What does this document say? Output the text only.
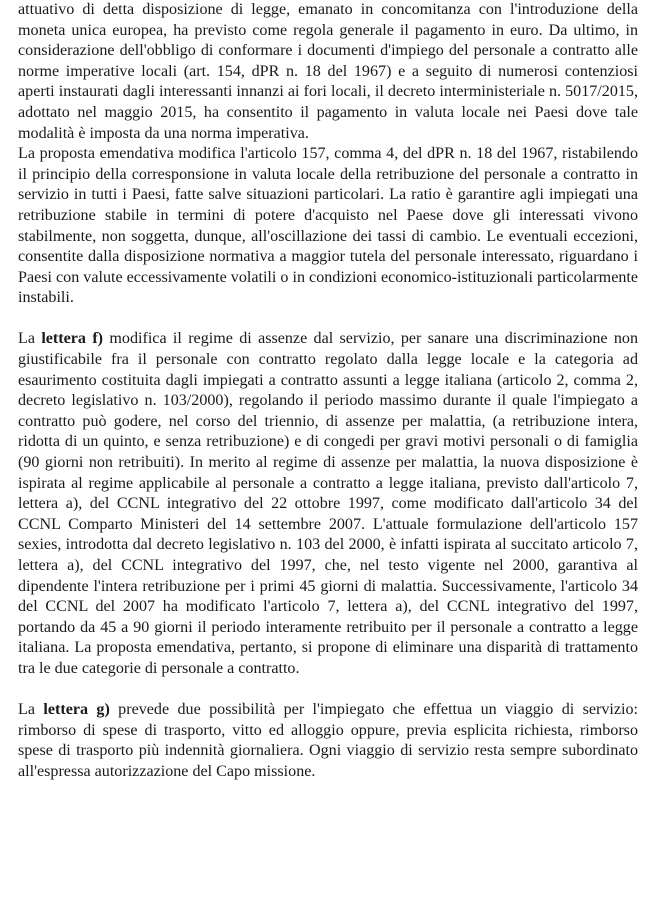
attuativo di detta disposizione di legge, emanato in concomitanza con l'introduzione della moneta unica europea, ha previsto come regola generale il pagamento in euro. Da ultimo, in considerazione dell'obbligo di conformare i documenti d'impiego del personale a contratto alle norme imperative locali (art. 154, dPR n. 18 del 1967) e a seguito di numerosi contenziosi aperti instaurati dagli interessanti innanzi ai fori locali, il decreto interministeriale n. 5017/2015, adottato nel maggio 2015, ha consentito il pagamento in valuta locale nei Paesi dove tale modalità è imposta da una norma imperativa.

La proposta emendativa modifica l'articolo 157, comma 4, del dPR n. 18 del 1967, ristabilendo il principio della corresponsione in valuta locale della retribuzione del personale a contratto in servizio in tutti i Paesi, fatte salve situazioni particolari. La ratio è garantire agli impiegati una retribuzione stabile in termini di potere d'acquisto nel Paese dove gli interessati vivono stabilmente, non soggetta, dunque, all'oscillazione dei tassi di cambio. Le eventuali eccezioni, consentite dalla disposizione normativa a maggior tutela del personale interessato, riguardano i Paesi con valute eccessivamente volatili o in condizioni economico-istituzionali particolarmente instabili.

La lettera f) modifica il regime di assenze dal servizio, per sanare una discriminazione non giustificabile fra il personale con contratto regolato dalla legge locale e la categoria ad esaurimento costituita dagli impiegati a contratto assunti a legge italiana (articolo 2, comma 2, decreto legislativo n. 103/2000), regolando il periodo massimo durante il quale l'impiegato a contratto può godere, nel corso del triennio, di assenze per malattia, (a retribuzione intera, ridotta di un quinto, e senza retribuzione) e di congedi per gravi motivi personali o di famiglia (90 giorni non retribuiti). In merito al regime di assenze per malattia, la nuova disposizione è ispirata al regime applicabile al personale a contratto a legge italiana, previsto dall'articolo 7, lettera a), del CCNL integrativo del 22 ottobre 1997, come modificato dall'articolo 34 del CCNL Comparto Ministeri del 14 settembre 2007. L'attuale formulazione dell'articolo 157 sexies, introdotta dal decreto legislativo n. 103 del 2000, è infatti ispirata al succitato articolo 7, lettera a), del CCNL integrativo del 1997, che, nel testo vigente nel 2000, garantiva al dipendente l'intera retribuzione per i primi 45 giorni di malattia. Successivamente, l'articolo 34 del CCNL del 2007 ha modificato l'articolo 7, lettera a), del CCNL integrativo del 1997, portando da 45 a 90 giorni il periodo interamente retribuito per il personale a contratto a legge italiana. La proposta emendativa, pertanto, si propone di eliminare una disparità di trattamento tra le due categorie di personale a contratto.

La lettera g) prevede due possibilità per l'impiegato che effettua un viaggio di servizio: rimborso di spese di trasporto, vitto ed alloggio oppure, previa esplicita richiesta, rimborso spese di trasporto più indennità giornaliera. Ogni viaggio di servizio resta sempre subordinato all'espressa autorizzazione del Capo missione.
